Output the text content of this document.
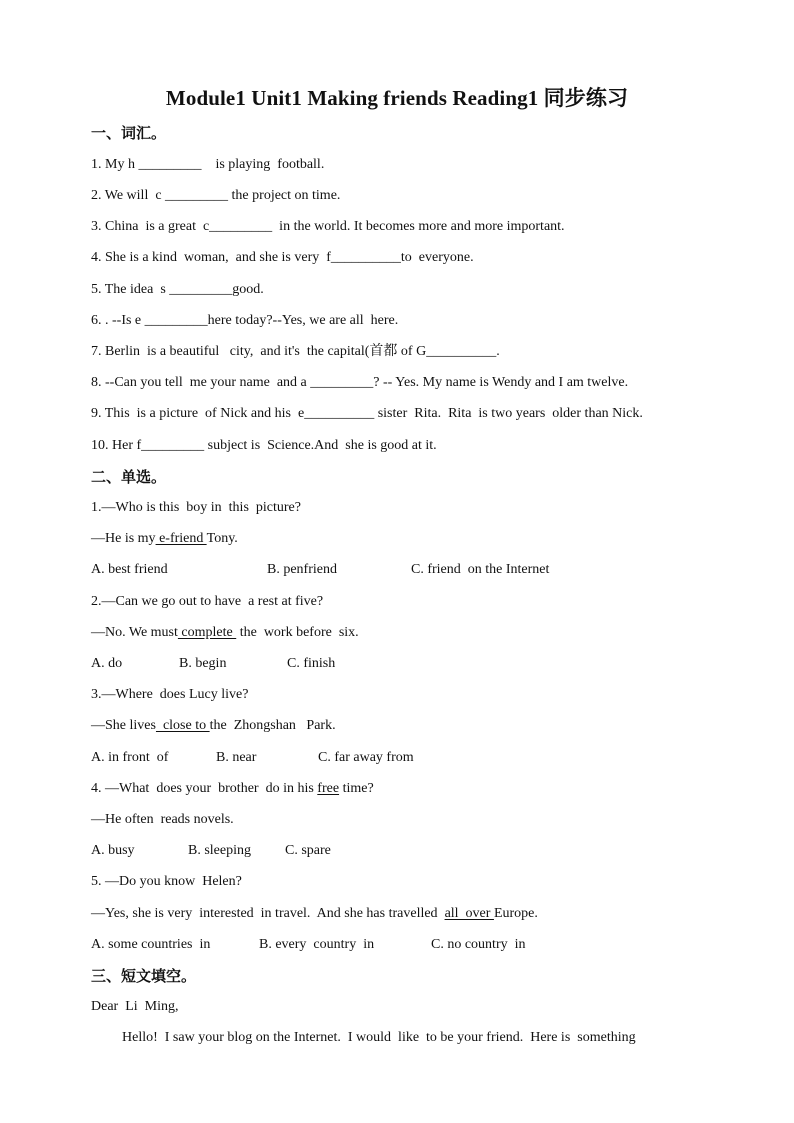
Module1 Unit1 Making friends Reading1 同步练习
一、词汇。
1. My h _________    is playing  football.
2. We will  c _________ the project on time.
3. China  is a great  c_________  in the world. It becomes more and more important.
4. She is a kind  woman,  and she is very  f__________to  everyone.
5. The idea  s _________good.
6. . --Is e _________here today?--Yes, we are all  here.
7. Berlin  is a beautiful   city,  and it's  the capital(首都 of G__________.
8. --Can you tell  me your name  and a _________? -- Yes. My name is Wendy and I am twelve.
9. This  is a picture  of Nick and his  e__________ sister  Rita.  Rita  is two years  older than Nick.
10. Her f_________ subject is  Science.And  she is good at it.
二、单选。
1.—Who is this  boy in  this  picture?
—He is my e-friend Tony.
A. best friend	B. penfriend	C. friend  on the Internet
2.—Can we go out to have  a rest at five?
—No. We must complete  the  work before  six.
A. do	B. begin	C. finish
3.—Where  does Lucy live?
—She lives  close to the  Zhongshan   Park.
A. in front  of	B. near	C. far away from
4. —What  does your  brother  do in his free time?
—He often  reads novels.
A. busy	B. sleeping C. spare
5. —Do you know  Helen?
—Yes, she is very  interested  in travel.  And she has travelled  all  over Europe.
A. some countries  in	B. every  country  in	C. no country  in
三、短文填空。
Dear  Li  Ming,
Hello!  I saw your blog on the Internet.  I would  like  to be your friend.  Here is  something
